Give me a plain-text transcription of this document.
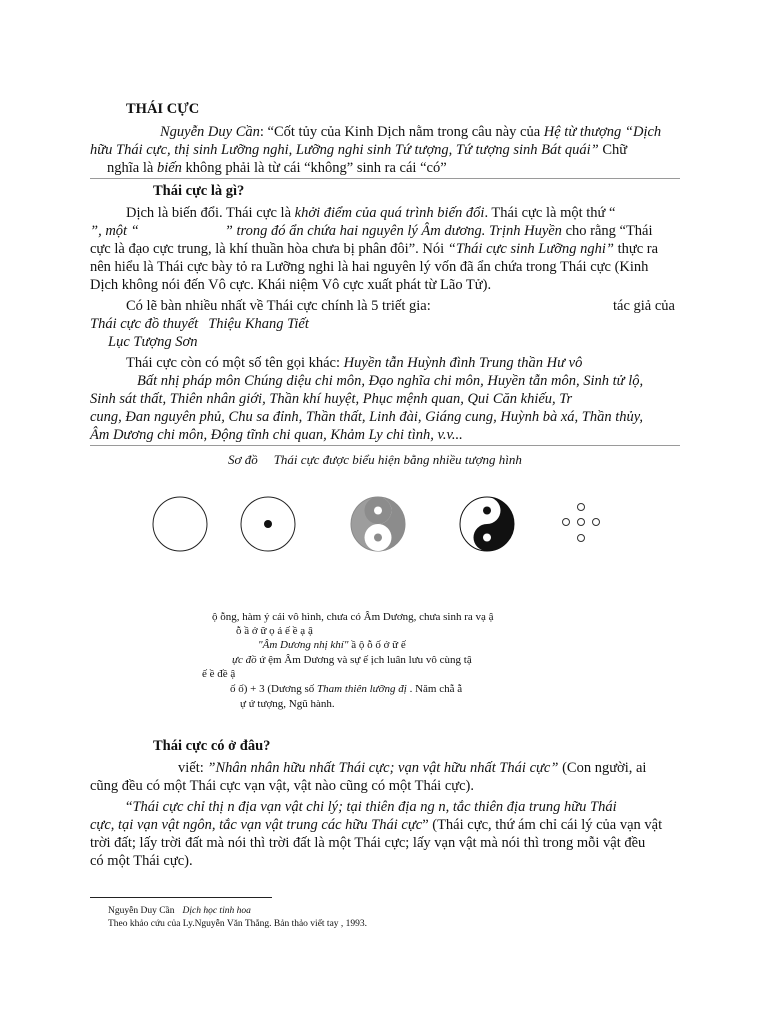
THÁI CỰC
Nguyễn Duy Cần: “Cốt tủy của Kinh Dịch nằm trong câu này của Hệ từ thượng “Dịch
hữu Thái cực, thị sinh Lưỡng nghi, Lưỡng nghi sinh Tứ tượng, Tứ tượng sinh Bát quái” Chữ
nghĩa là biến không phải là từ cái “không” sinh ra cái “có”
Thái cực là gì?
Dịch là biến đổi. Thái cực là khởi điểm của quá trình biến đổi. Thái cực là một thứ “
”, một “	” trong đó ẩn chứa hai nguyên lý Âm dương. Trịnh Huyền cho rằng “Thái
cực là đạo cực trung, là khí thuần hòa chưa bị phân đôi”. Nói “Thái cực sinh Lưỡng nghi” thực ra
nên hiểu là Thái cực bày tỏ ra Lưỡng nghi là hai nguyên lý vốn đã ẩn chứa trong Thái cực (Kinh
Dịch không nói đến Vô cực. Khái niệm Vô cực xuất phát từ Lão Tử).
Có lẽ bàn nhiều nhất về Thái cực chính là 5 triết gia:	tác giả của
Thái cực đồ thuyết Thiệu Khang Tiết
Lục Tượng Sơn
Thái cực còn có một số tên gọi khác: Huyền tẫn Huỳnh đình Trung thần Hư vô
Bất nhị pháp môn Chúng diệu chi môn, Đạo nghĩa chi môn, Huyền tẫn môn, Sinh tử lộ,
Sinh sát thất, Thiên nhân giới, Thần khí huyệt, Phục mệnh quan, Qui Căn khiếu, Tr
cung, Đan nguyên phủ, Chu sa đỉnh, Thần thất, Linh đài, Giáng cung, Huỳnh bà xá, Thần thủy,
Âm Dương chi môn, Động tĩnh chi quan, Khảm Ly chi tình, v.v...
Sơ đồ Thái cực được biểu hiện bằng nhiều tượng hình
ộ ỗng, hàm ý cái vô hình, chưa có Âm Dương, chưa sinh ra vạ ậ
ỗ ầ ở ữ ọ ả ế ề ạ ậ
"Âm Dương nhị khí" ầ ộ ỗ ố ở ữ ế
ực đồ ứ ệm Âm Dương và sự ế ịch luân lưu vô cùng tậ
ế ề đề ậ
ố ố) + 3 (Dương số Tham thiên lưỡng đị . Năm chẵ ẵ
ự ứ tượng, Ngũ hành.
Thái cực có ở đâu?
viết: ”Nhân nhân hữu nhất Thái cực; vạn vật hữu nhất Thái cực” (Con người, ai
cũng đều có một Thái cực vạn vật, vật nào cũng có một Thái cực).
“Thái cực chỉ thị n địa vạn vật chi lý; tại thiên địa ng n, tắc thiên địa trung hữu Thái
cực, tại vạn vật ngôn, tắc vạn vật trung các hữu Thái cực” (Thái cực, thứ ám chỉ cái lý của vạn vật
trời đất; lấy trời đất mà nói thì trời đất là một Thái cực; lấy vạn vật mà nói thì trong mỗi vật đều
có một Thái cực).
Nguyễn Duy Cần Dịch học tinh hoa
Theo khảo cứu của Ly.Nguyễn Văn Thắng. Bản thảo viết tay , 1993.
